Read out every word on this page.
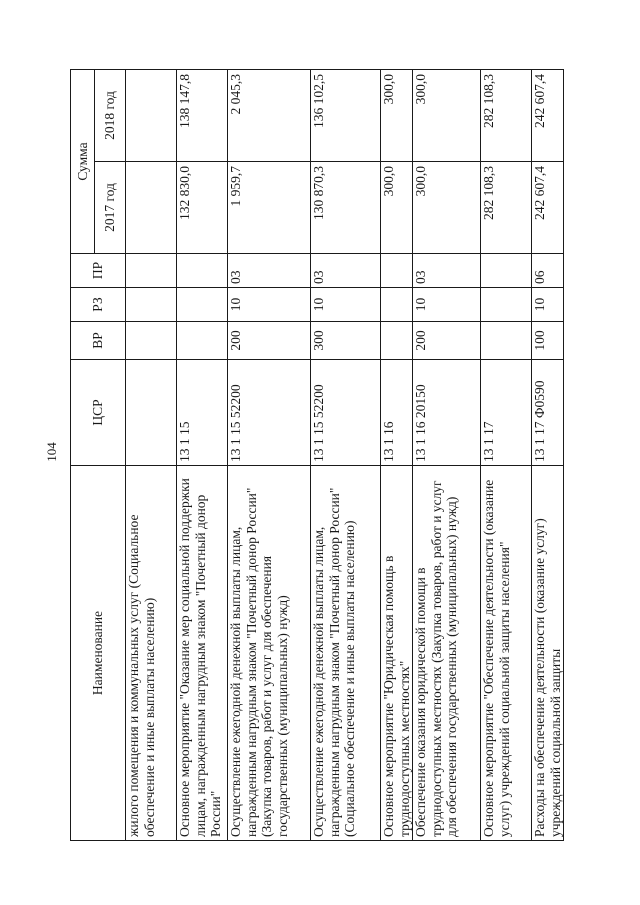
104
Наименование	ЦСР	ВР	РЗ	ПР	Сумма	
					2017 год	2018 год
жилого помещения и коммунальных услуг (Социальное обеспечение и иные выплаты населению)						
Основное мероприятие "Оказание мер социальной поддержки лицам, награжденным нагрудным знаком "Почетный донор России"	13 1 15				132 830,0	138 147,8
Осуществление ежегодной денежной выплаты лицам, награжденным нагрудным знаком "Почетный донор России" (Закупка товаров, работ и услуг для обеспечения государственных (муниципальных) нужд)	13 1 15 52200	200	10	03	1 959,7	2 045,3
Осуществление ежегодной денежной выплаты лицам, награжденным нагрудным знаком "Почетный донор России" (Социальное обеспечение и иные выплаты населению)	13 1 15 52200	300	10	03	130 870,3	136 102,5
Основное мероприятие "Юридическая помощь в труднодоступных местностях"	13 1 16				300,0	300,0
Обеспечение оказания юридической помощи в труднодоступных местностях (Закупка товаров, работ и услуг для обеспечения государственных (муниципальных) нужд)	13 1 16 20150	200	10	03	300,0	300,0
Основное мероприятие "Обеспечение деятельности (оказание услуг) учреждений социальной защиты населения"	13 1 17				282 108,3	282 108,3
Расходы на обеспечение деятельности (оказание услуг) учреждений социальной защиты	13 1 17 Ф0590	100	10	06	242 607,4	242 607,4
